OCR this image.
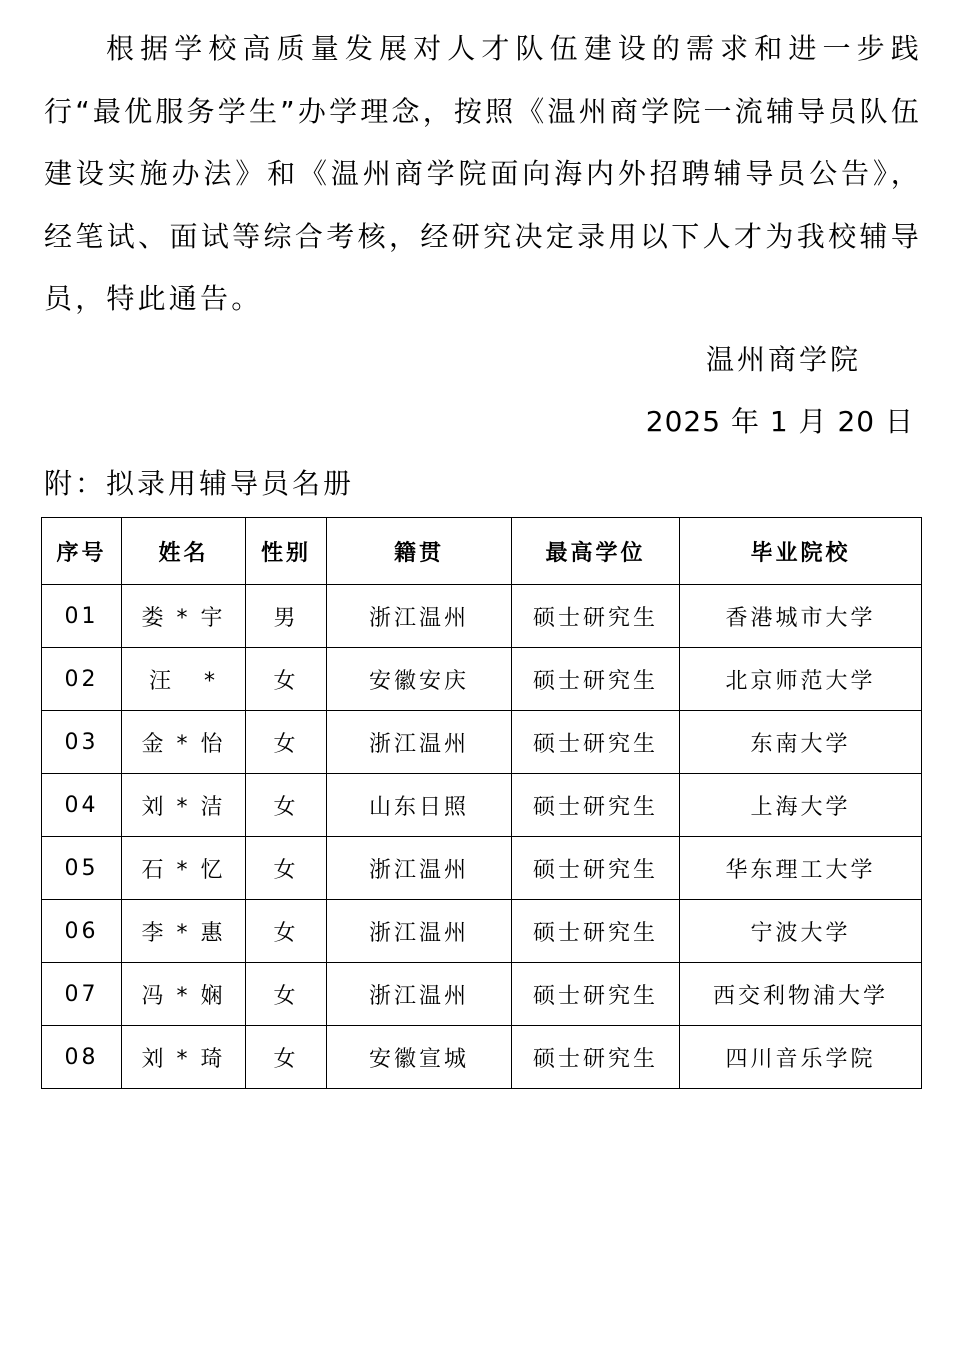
根据学校高质量发展对人才队伍建设的需求和进一步践行“最优服务学生”办学理念，按照《温州商学院一流辅导员队伍建设实施办法》和《温州商学院面向海内外招聘辅导员公告》，经笔试、面试等综合考核，经研究决定录用以下人才为我校辅导员，特此通告。

温州商学院
2025 年 1 月 20 日
附：拟录用辅导员名册
序号	姓名	性别	籍贯	最高学位	毕业院校
01	娄 * 宇	男	浙江温州	硕士研究生	香港城市大学
02	汪   *	女	安徽安庆	硕士研究生	北京师范大学
03	金 * 怡	女	浙江温州	硕士研究生	东南大学
04	刘 * 洁	女	山东日照	硕士研究生	上海大学
05	石 * 忆	女	浙江温州	硕士研究生	华东理工大学
06	李 * 惠	女	浙江温州	硕士研究生	宁波大学
07	冯 * 娴	女	浙江温州	硕士研究生	西交利物浦大学
08	刘 * 琦	女	安徽宣城	硕士研究生	四川音乐学院
